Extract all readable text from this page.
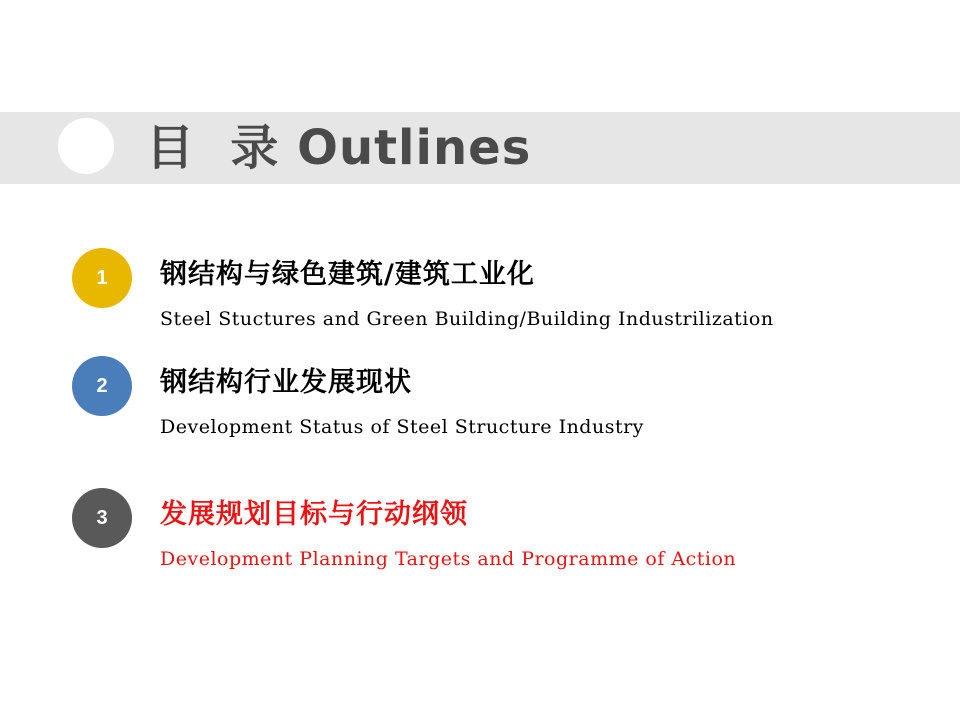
目  录 Outlines
1	钢结构与绿色建筑/建筑工业化
Steel Stuctures and Green Building/Building Industrilization
2	钢结构行业发展现状
Development Status of Steel Structure Industry
3	发展规划目标与行动纲领
Development Planning Targets and Programme of Action
